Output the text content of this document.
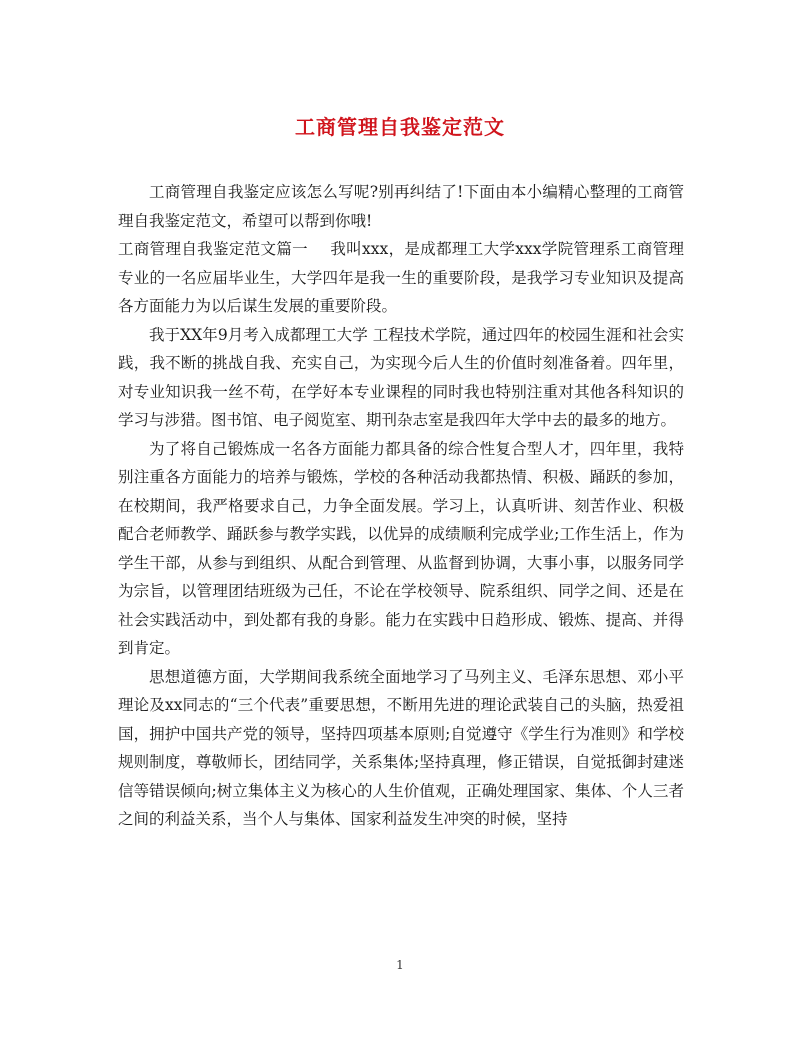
工商管理自我鉴定范文

工商管理自我鉴定应该怎么写呢?别再纠结了!下面由本小编精心整理的工商管理自我鉴定范文，希望可以帮到你哦!

工商管理自我鉴定范文篇一 我叫xxx，是成都理工大学xxx学院管理系工商管理专业的一名应届毕业生，大学四年是我一生的重要阶段，是我学习专业知识及提高各方面能力为以后谋生发展的重要阶段。

我于XX年9月考入成都理工大学 工程技术学院，通过四年的校园生涯和社会实践，我不断的挑战自我、充实自己，为实现今后人生的价值时刻准备着。四年里，对专业知识我一丝不苟，在学好本专业课程的同时我也特别注重对其他各科知识的学习与涉猎。图书馆、电子阅览室、期刊杂志室是我四年大学中去的最多的地方。

为了将自己锻炼成一名各方面能力都具备的综合性复合型人才，四年里，我特别注重各方面能力的培养与锻炼，学校的各种活动我都热情、积极、踊跃的参加，在校期间，我严格要求自己，力争全面发展。学习上，认真听讲、刻苦作业、积极配合老师教学、踊跃参与教学实践，以优异的成绩顺利完成学业;工作生活上，作为学生干部，从参与到组织、从配合到管理、从监督到协调，大事小事，以服务同学为宗旨，以管理团结班级为己任，不论在学校领导、院系组织、同学之间、还是在社会实践活动中，到处都有我的身影。能力在实践中日趋形成、锻炼、提高、并得到肯定。

思想道德方面，大学期间我系统全面地学习了马列主义、毛泽东思想、邓小平理论及xx同志的“三个代表”重要思想，不断用先进的理论武装自己的头脑，热爱祖国，拥护中国共产党的领导，坚持四项基本原则;自觉遵守《学生行为准则》和学校规则制度，尊敬师长，团结同学，关系集体;坚持真理，修正错误，自觉抵御封建迷信等错误倾向;树立集体主义为核心的人生价值观，正确处理国家、集体、个人三者之间的利益关系，当个人与集体、国家利益发生冲突的时候，坚持

1
